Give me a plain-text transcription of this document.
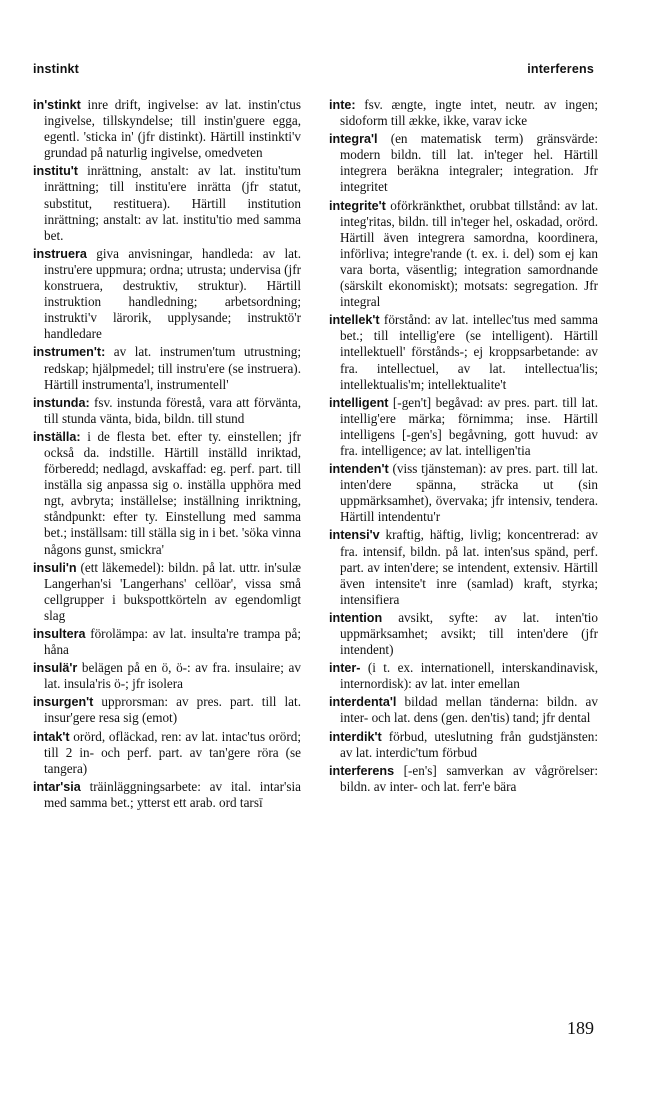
instinkt	interferens

in'stinkt inre drift, ingivelse: av lat. instin'ctus ingivelse, tillskyndelse; till instin'guere egga, egentl. 'sticka in' (jfr distinkt). Härtill instinkti'v grundad på naturlig ingivelse, omedveten

institu't inrättning, anstalt: av lat. institu'tum inrättning; till institu'ere inrätta (jfr statut, substitut, restituera). Härtill institution inrättning; anstalt: av lat. institu'tio med samma bet.

instruera giva anvisningar, handleda: av lat. instru'ere uppmura; ordna; utrusta; undervisa (jfr konstruera, destruktiv, struktur). Härtill instruktion handledning; arbetsordning; instrukti'v lärorik, upplysande; instruktö'r handledare

instrumen't: av lat. instrumen'tum utrustning; redskap; hjälpmedel; till instru'ere (se instruera). Härtill instrumenta'l, instrumentell'

instunda: fsv. instunda förestå, vara att förvänta, till stunda vänta, bida, bildn. till stund

inställa: i de flesta bet. efter ty. einstellen; jfr också da. indstille. Härtill inställd inriktad, förberedd; nedlagd, avskaffad: eg. perf. part. till inställa sig anpassa sig o. inställa upphöra med ngt, avbryta; inställelse; inställning inriktning, ståndpunkt: efter ty. Einstellung med samma bet.; inställsam: till ställa sig in i bet. 'söka vinna någons gunst, smickra'

insuli'n (ett läkemedel): bildn. på lat. uttr. in'sulæ Langerhan'si 'Langerhans' cellöar', vissa små cellgrupper i bukspottkörteln av egendomligt slag

insultera förolämpa: av lat. insulta're trampa på; håna

insulä'r belägen på en ö, ö-: av fra. insulaire; av lat. insula'ris ö-; jfr isolera

insurgen't upprorsman: av pres. part. till lat. insur'gere resa sig (emot)

intak't orörd, ofläckad, ren: av lat. intac'tus orörd; till 2 in- och perf. part. av tan'gere röra (se tangera)

intar'sia träinläggningsarbete: av ital. intar'sia med samma bet.; ytterst ett arab. ord tarsī

inte: fsv. ængte, ingte intet, neutr. av ingen; sidoform till ække, ikke, varav icke

integra'l (en matematisk term) gränsvärde: modern bildn. till lat. in'teger hel. Härtill integrera beräkna integraler; integration. Jfr integritet

integrite't oförkränkthet, orubbat tillstånd: av lat. integ'ritas, bildn. till in'teger hel, oskadad, orörd. Härtill även integrera samordna, koordinera, införliva; integre'rande (t. ex. i. del) som ej kan vara borta, väsentlig; integration samordnande (särskilt ekonomiskt); motsats: segregation. Jfr integral

intellek't förstånd: av lat. intellec'tus med samma bet.; till intellig'ere (se intelligent). Härtill intellektuell' förstånds-; ej kroppsarbetande: av fra. intellectuel, av lat. intellectua'lis; intellektualis'm; intellektualite't

intelligent [-gen't] begåvad: av pres. part. till lat. intellig'ere märka; förnimma; inse. Härtill intelligens [-gen's] begåvning, gott huvud: av fra. intelligence; av lat. intelligen'tia

intenden't (viss tjänsteman): av pres. part. till lat. inten'dere spänna, sträcka ut (sin uppmärksamhet), övervaka; jfr intensiv, tendera. Härtill intendentu'r

intensi'v kraftig, häftig, livlig; koncentrerad: av fra. intensif, bildn. på lat. inten'sus spänd, perf. part. av inten'dere; se intendent, extensiv. Härtill även intensite't inre (samlad) kraft, styrka; intensifiera

intention avsikt, syfte: av lat. inten'tio uppmärksamhet; avsikt; till inten'dere (jfr intendent)

inter- (i t. ex. internationell, interskandinavisk, internordisk): av lat. inter emellan

interdenta'l bildad mellan tänderna: bildn. av inter- och lat. dens (gen. den'tis) tand; jfr dental

interdik't förbud, uteslutning från gudstjänsten: av lat. interdic'tum förbud

interferens [-en's] samverkan av vågrörelser: bildn. av inter- och lat. ferr'e bära

189
